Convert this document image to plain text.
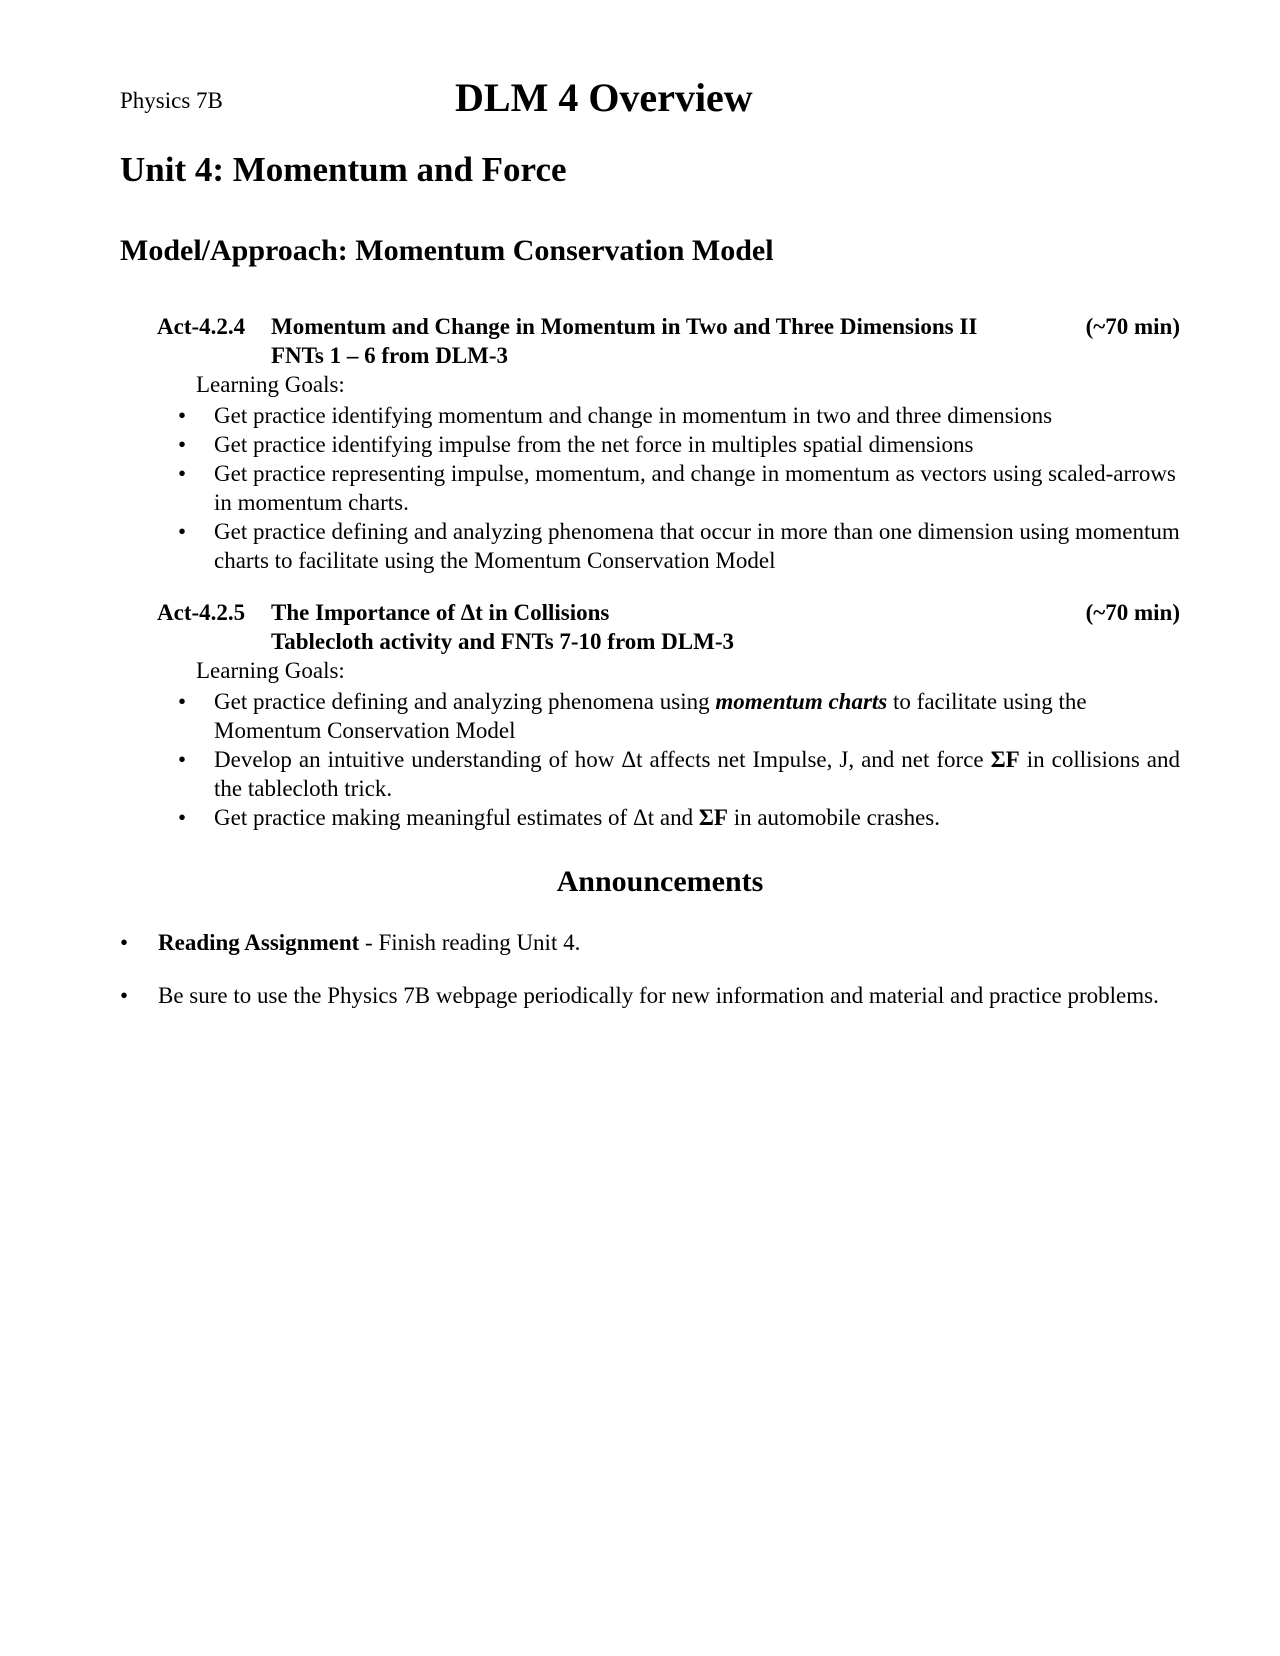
Physics 7B	DLM 4 Overview
Unit 4: Momentum and Force
Model/Approach: Momentum Conservation Model
Act-4.2.4 Momentum and Change in Momentum in Two and Three Dimensions II	(~70 min)
FNTs 1 – 6 from DLM-3
Learning Goals:
• Get practice identifying momentum and change in momentum in two and three dimensions
• Get practice identifying impulse from the net force in multiples spatial dimensions
• Get practice representing impulse, momentum, and change in momentum as vectors using scaled-arrows in momentum charts.
• Get practice defining and analyzing phenomena that occur in more than one dimension using momentum charts to facilitate using the Momentum Conservation Model
Act-4.2.5 The Importance of Δt in Collisions	(~70 min)
Tablecloth activity and FNTs 7-10 from DLM-3
Learning Goals:
• Get practice defining and analyzing phenomena using momentum charts to facilitate using the Momentum Conservation Model
• Develop an intuitive understanding of how Δt affects net Impulse, J, and net force ΣF in collisions and the tablecloth trick.
• Get practice making meaningful estimates of Δt and ΣF in automobile crashes.
Announcements
• Reading Assignment - Finish reading Unit 4.
• Be sure to use the Physics 7B webpage periodically for new information and material and practice problems.
